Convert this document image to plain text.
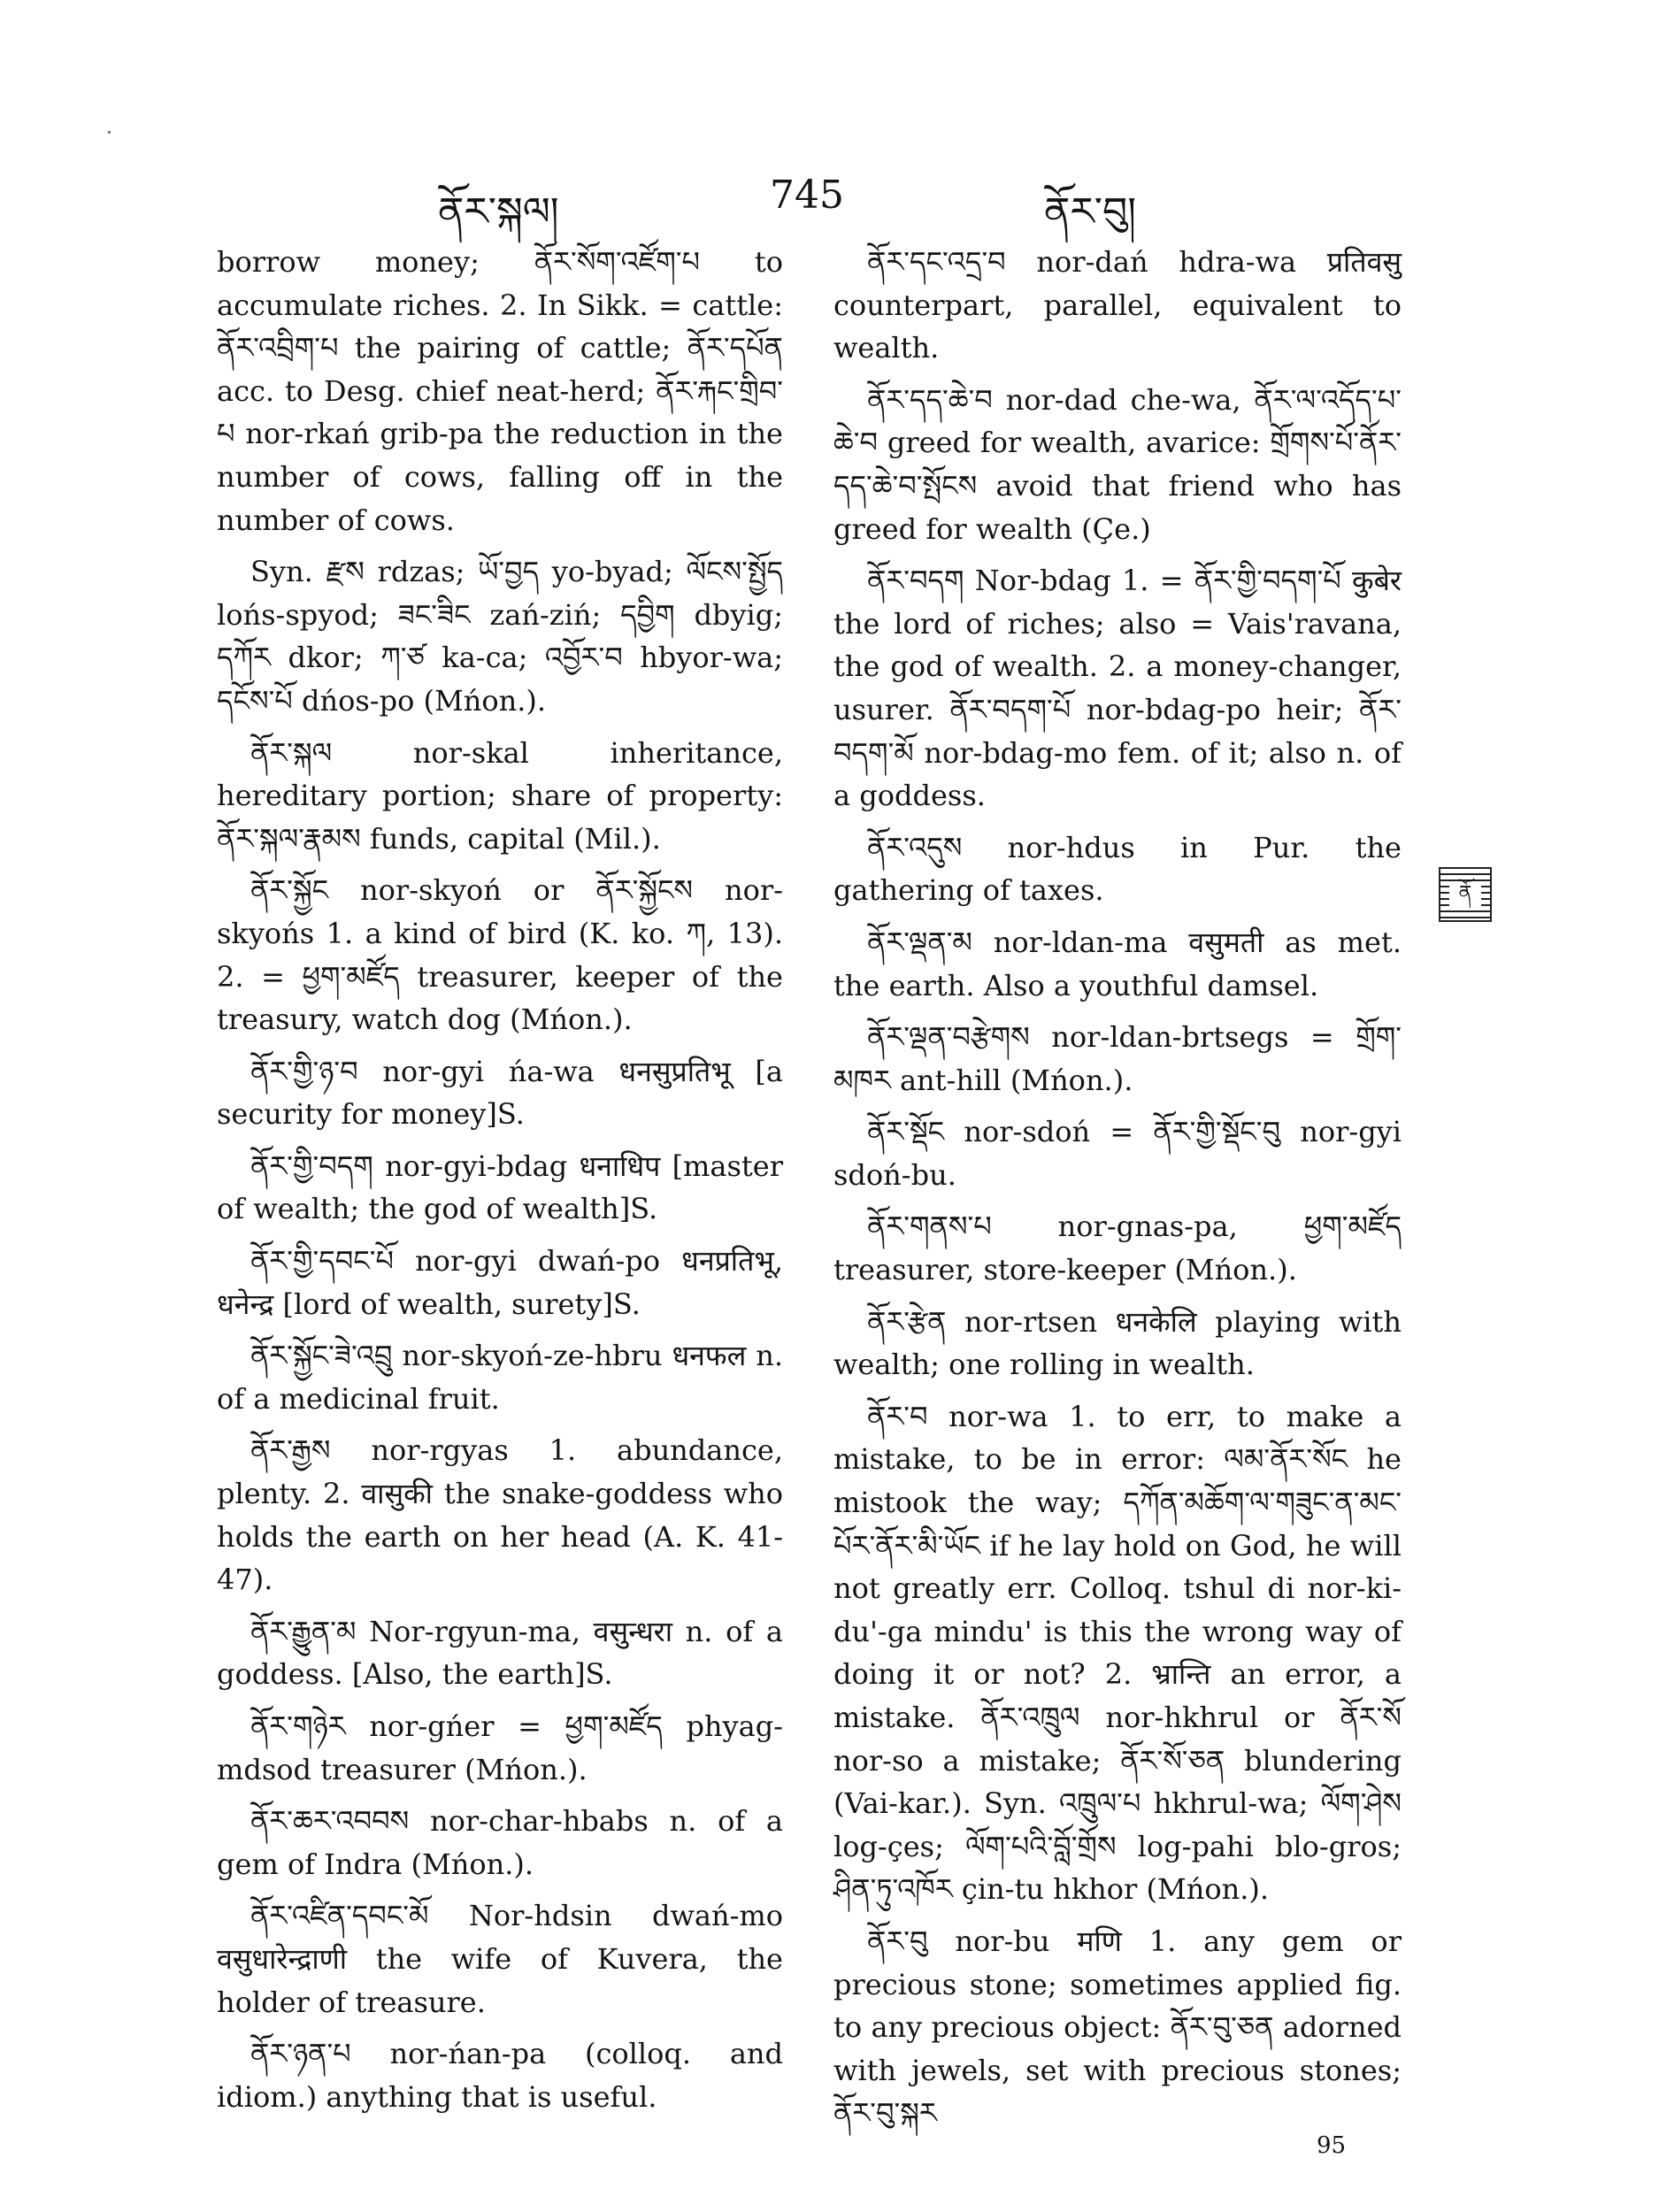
ནོར་སྐལ།	745	ནོར་བུ།

borrow money; ནོར་སོག་འཛོག་པ to accumulate riches. 2. In Sikk. = cattle: ནོར་འབྲིག་པ the pairing of cattle; ནོར་དཔོན acc. to Desg. chief neat-herd; ནོར་རྐང་གྲིབ་པ nor-rkań grib-pa the reduction in the number of cows, falling off in the number of cows.

Syn. རྫས rdzas; ཡོ་བྱད yo-byad; ལོངས་སྤྱོད lońs-spyod; ཟང་ཟིང zań-ziń; དབྱིག dbyig; དཀོར dkor; ཀ་ཙ ka-ca; འབྱོར་བ hbyor-wa; དངོས་པོ dńos-po (Mńon.).

ནོར་སྐལ nor-skal inheritance, hereditary portion; share of property: ནོར་སྐལ་རྣམས funds, capital (Mil.).

ནོར་སྐྱོང nor-skyoń or ནོར་སྐྱོངས nor-skyońs 1. a kind of bird (K. ko. ཀ, 13). 2. = ཕྱག་མཛོད treasurer, keeper of the treasury, watch dog (Mńon.).

ནོར་གྱི་ཉ་བ nor-gyi ńa-wa धनसुप्रतिभू [a security for money]S.

ནོར་གྱི་བདག nor-gyi-bdag धनाधिप [master of wealth; the god of wealth]S.

ནོར་གྱི་དབང་པོ nor-gyi dwań-po धनप्रतिभू, धनेन्द्र [lord of wealth, surety]S.

ནོར་སྐྱོང་ཟེ་འབྲུ nor-skyoń-ze-hbru धनफल n. of a medicinal fruit.

ནོར་རྒྱས nor-rgyas 1. abundance, plenty. 2. वासुकी the snake-goddess who holds the earth on her head (A. K. 41-47).

ནོར་རྒྱུན་མ Nor-rgyun-ma, वसुन्धरा n. of a goddess. [Also, the earth]S.

ནོར་གཉེར nor-gńer = ཕྱག་མཛོད phyag-mdsod treasurer (Mńon.).

ནོར་ཆར་འབབས nor-char-hbabs n. of a gem of Indra (Mńon.).

ནོར་འཛིན་དབང་མོ Nor-hdsin dwań-mo वसुधारेन्द्राणी the wife of Kuvera, the holder of treasure.

ནོར་ཉན་པ nor-ńan-pa (colloq. and idiom.) anything that is useful.

ནོར་དང་འདྲ་བ nor-dań hdra-wa प्रतिवसु counterpart, parallel, equivalent to wealth.

ནོར་དད་ཆེ་བ nor-dad che-wa, ནོར་ལ་འདོད་པ་ཆེ་བ greed for wealth, avarice: གྲོགས་པོ་ནོར་དད་ཆེ་བ་སྤོངས avoid that friend who has greed for wealth (Çe.)

ནོར་བདག Nor-bdag 1. = ནོར་གྱི་བདག་པོ कुबेर the lord of riches; also = Vais'ravana, the god of wealth. 2. a money-changer, usurer. ནོར་བདག་པོ nor-bdag-po heir; ནོར་བདག་མོ nor-bdag-mo fem. of it; also n. of a goddess.

ནོར་འདུས nor-hdus in Pur. the gathering of taxes.

ནོར་ལྡན་མ nor-ldan-ma वसुमती as met. the earth. Also a youthful damsel.

ནོར་ལྡན་བརྩེགས nor-ldan-brtsegs = གྲོག་མཁར ant-hill (Mńon.).

ནོར་སྡོང nor-sdoń = ནོར་གྱི་སྡོང་བུ nor-gyi sdoń-bu.

ནོར་གནས་པ nor-gnas-pa, ཕྱག་མཛོད treasurer, store-keeper (Mńon.).

ནོར་རྩེན nor-rtsen धनकेलि playing with wealth; one rolling in wealth.

ནོར་བ nor-wa 1. to err, to make a mistake, to be in error: ལམ་ནོར་སོང he mistook the way; དཀོན་མཆོག་ལ་གཟུང་ན་མང་པོར་ནོར་མི་ཡོང if he lay hold on God, he will not greatly err. Colloq. tshul di nor-ki-du'-ga mindu' is this the wrong way of doing it or not? 2. भ्रान्ति an error, a mistake. ནོར་འཁྲུལ nor-hkhrul or ནོར་སོ nor-so a mistake; ནོར་སོ་ཅན blundering (Vai-kar.). Syn. འཁྲུལ་པ hkhrul-wa; ལོག་ཤེས log-çes; ལོག་པའི་བློ་གྲོས log-pahi blo-gros; ཤིན་ཏུ་འཁོར çin-tu hkhor (Mńon.).

ནོར་བུ nor-bu मणि 1. any gem or precious stone; sometimes applied fig. to any precious object: ནོར་བུ་ཅན adorned with jewels, set with precious stones; ནོར་བུ་སྐར

ནོ
95
